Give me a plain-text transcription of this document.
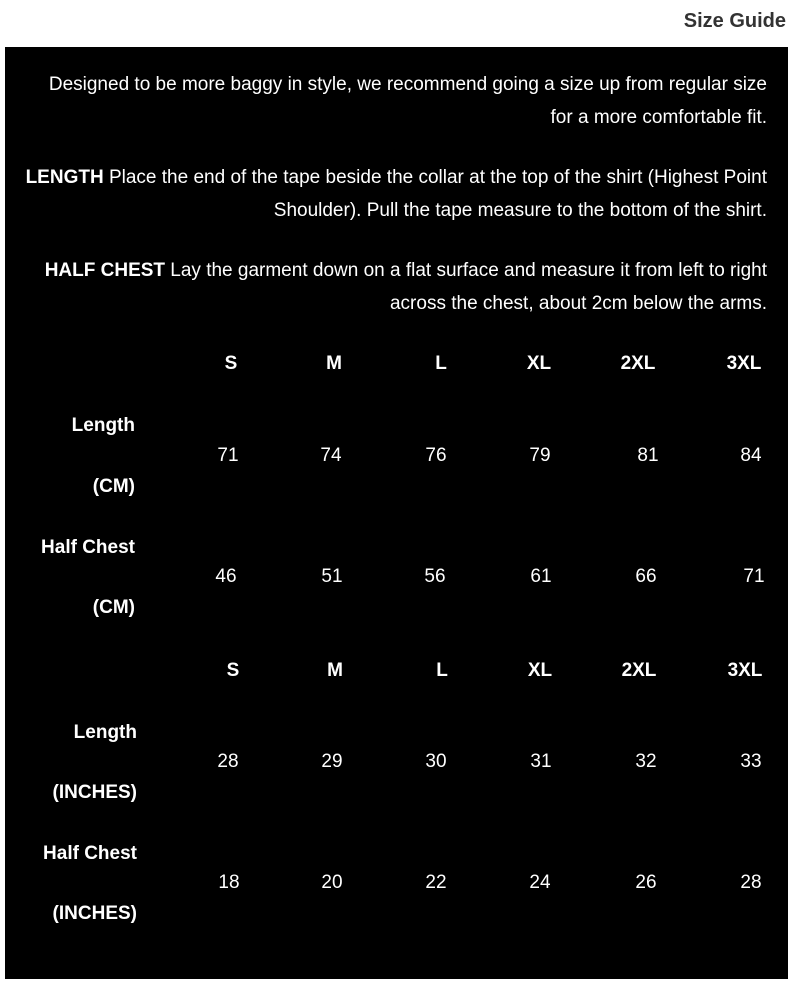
Size Guide
Designed to be more baggy in style, we recommend going a size up from regular size for a more comfortable fit.
LENGTH Place the end of the tape beside the collar at the top of the shirt (Highest Point Shoulder). Pull the tape measure to the bottom of the shirt.
HALF CHEST Lay the garment down on a flat surface and measure it from left to right across the chest, about 2cm below the arms.
S	M	L	XL	2XL	3XL
Length
(CM)
71	74	76	79	81	84
Half Chest
(CM)
46	51	56	61	66	71
S	M	L	XL	2XL	3XL
Length
(INCHES)
28	29	30	31	32	33
Half Chest
(INCHES)
18	20	22	24	26	28
